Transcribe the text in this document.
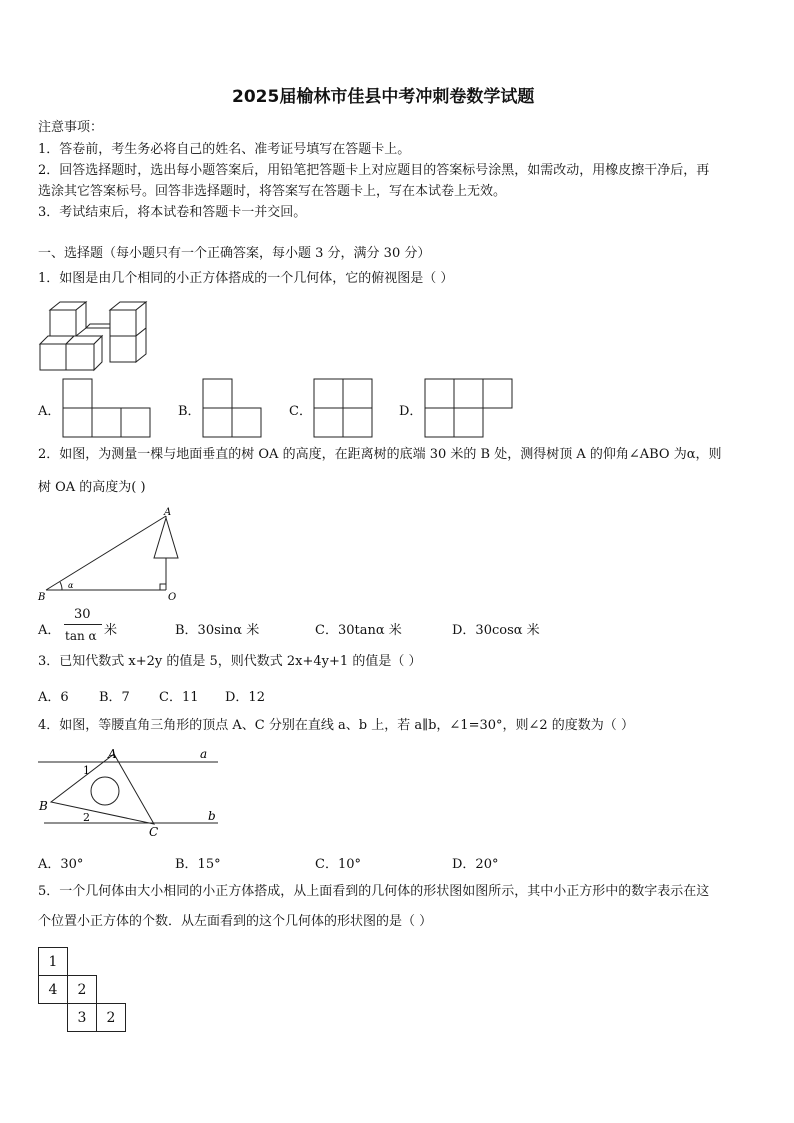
2025届榆林市佳县中考冲刺卷数学试题
注意事项：
1．答卷前，考生务必将自己的姓名、准考证号填写在答题卡上。
2．回答选择题时，选出每小题答案后，用铅笔把答题卡上对应题目的答案标号涂黑，如需改动，用橡皮擦干净后，再
选涂其它答案标号。回答非选择题时，将答案写在答题卡上，写在本试卷上无效。
3．考试结束后，将本试卷和答题卡一并交回。
一、选择题（每小题只有一个正确答案，每小题 3 分，满分 30 分）
1．如图是由几个相同的小正方体搭成的一个几何体，它的俯视图是（ ）
A．	B．	C．	D．
2．如图，为测量一棵与地面垂直的树 OA 的高度，在距离树的底端 30 米的 B 处，测得树顶 A 的仰角∠ABO 为α，则
树 OA 的高度为( )
A
B	O
α
A．
30
tan α 米	B．30sinα 米	C．30tanα 米	D．30cosα 米
3．已知代数式 x+2y 的值是 5，则代数式 2x+4y+1 的值是（ ）
A．6 B．7 C．11 D．12
4．如图，等腰直角三角形的顶点 A、C 分别在直线 a、b 上，若 a∥b，∠1=30°，则∠2 的度数为（ ）
A
B
C
a
b
1
2
A．30°	B．15°	C．10°	D．20°
5．一个几何体由大小相同的小正方体搭成，从上面看到的几何体的形状图如图所示，其中小正方形中的数字表示在这
个位置小正方体的个数．从左面看到的这个几何体的形状图的是（ ）
1		
4	2	
	3	2
